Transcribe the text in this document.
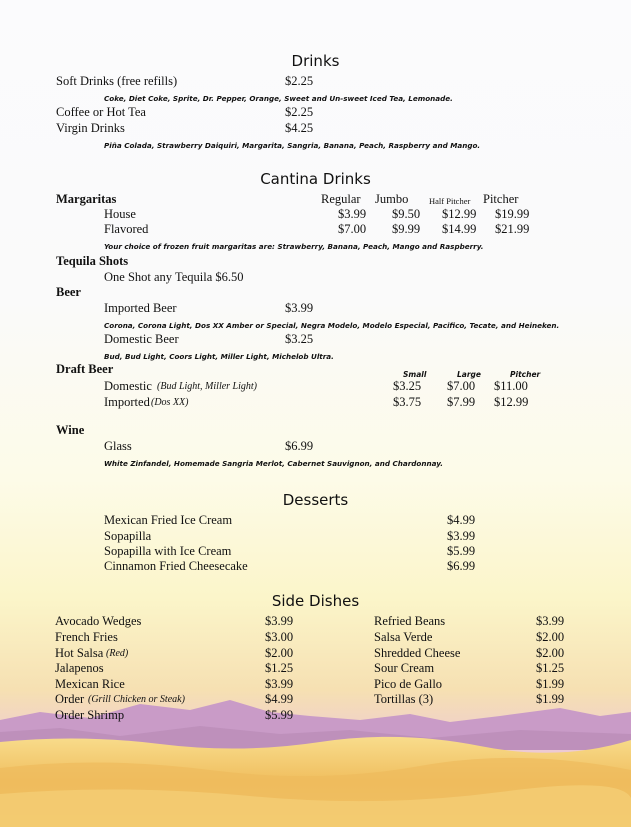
Drinks
Soft Drinks (free refills)	$2.25
Coke, Diet Coke, Sprite, Dr. Pepper, Orange, Sweet and Un-sweet Iced Tea, Lemonade.
Coffee or Hot Tea	$2.25
Virgin Drinks	$4.25
Piña Colada, Strawberry Daiquiri, Margarita, Sangria, Banana, Peach, Raspberry and Mango.
Cantina Drinks
Margaritas	Regular Jumbo Half Pitcher Pitcher
House	$3.99 $9.50 $12.99 $19.99
Flavored	$7.00 $9.99 $14.99 $21.99
Your choice of frozen fruit margaritas are: Strawberry, Banana, Peach, Mango and Raspberry.
Tequila Shots
One Shot any Tequila $6.50
Beer
Imported Beer	$3.99
Corona, Corona Light, Dos XX Amber or Special, Negra Modelo, Modelo Especial, Pacifico, Tecate, and Heineken.
Domestic Beer	$3.25
Bud, Bud Light, Coors Light, Miller Light, Michelob Ultra.
Draft Beer	Small	Large	Pitcher
Domestic (Bud Light, Miller Light)	$3.25 $7.00 $11.00
Imported (Dos XX)	$3.75 $7.99 $12.99
Wine
Glass	$6.99
White Zinfandel, Homemade Sangria Merlot, Cabernet Sauvignon, and Chardonnay.
Desserts
Mexican Fried Ice Cream	$4.99
Sopapilla	$3.99
Sopapilla with Ice Cream	$5.99
Cinnamon Fried Cheesecake	$6.99
Side Dishes
Avocado Wedges	$3.99
French Fries	$3.00
Hot Salsa (Red)	$2.00
Jalapenos	$1.25
Mexican Rice	$3.99
Order (Grill Chicken or Steak)	$4.99
Order Shrimp	$5.99
Refried Beans	$3.99
Salsa Verde	$2.00
Shredded Cheese	$2.00
Sour Cream	$1.25
Pico de Gallo	$1.99
Tortillas (3)	$1.99
